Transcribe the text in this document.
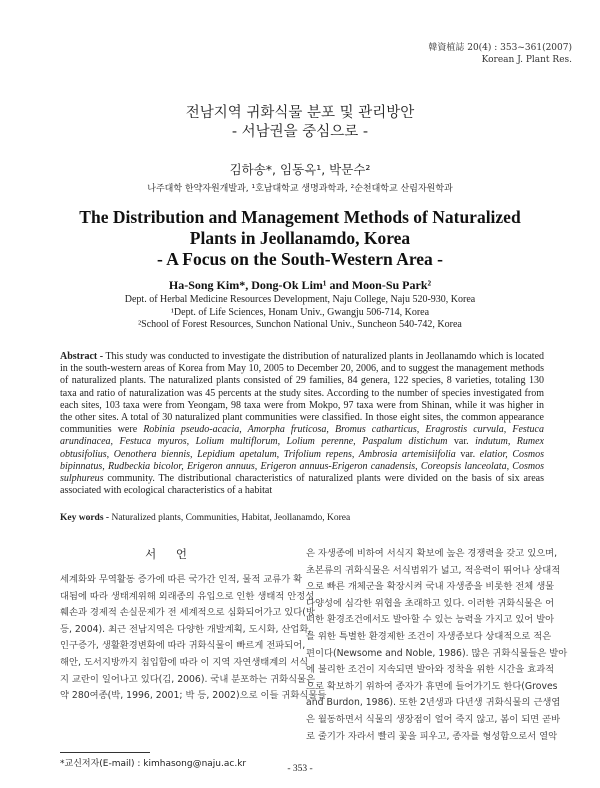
韓資植誌 20(4) : 353~361(2007)
Korean J. Plant Res.
전남지역 귀화식물 분포 및 관리방안
- 서남권을 중심으로 -
김하송*, 임동옥¹, 박문수²
나주대학 한약자원개발과, ¹호남대학교 생명과학과, ²순천대학교 산림자원학과
The Distribution and Management Methods of Naturalized
Plants in Jeollanamdo, Korea
- A Focus on the South-Western Area -
Ha-Song Kim*, Dong-Ok Lim¹ and Moon-Su Park²
Dept. of Herbal Medicine Resources Development, Naju College, Naju 520-930, Korea
¹Dept. of Life Sciences, Honam Univ., Gwangju 506-714, Korea
²School of Forest Resources, Sunchon National Univ., Suncheon 540-742, Korea
Abstract - This study was conducted to investigate the distribution of naturalized plants in Jeollanamdo which is located in the south-western areas of Korea from May 10, 2005 to December 20, 2006, and to suggest the management methods of naturalized plants. The naturalized plants consisted of 29 families, 84 genera, 122 species, 8 varieties, totaling 130 taxa and ratio of naturalization was 45 percents at the study sites. According to the number of species investigated from each sites, 103 taxa were from Yeongam, 98 taxa were from Mokpo, 97 taxa were from Shinan, while it was higher in the other sites. A total of 30 naturalized plant communities were classified. In those eight sites, the common appearance communities were Robinia pseudo-acacia, Amorpha fruticosa, Bromus catharticus, Eragrostis curvula, Festuca arundinacea, Festuca myuros, Lolium multiflorum, Lolium perenne, Paspalum distichum var. indutum, Rumex obtusifolius, Oenothera biennis, Lepidium apetalum, Trifolium repens, Ambrosia artemisiifolia var. elatior, Cosmos bipinnatus, Rudbeckia bicolor, Erigeron annuus, Erigeron annuus-Erigeron canadensis, Coreopsis lanceolata, Cosmos sulphureus community. The distributional characteristics of naturalized plants were divided on the basis of six areas associated with ecological characteristics of a habitat
Key words - Naturalized plants, Communities, Habitat, Jeollanamdo, Korea
서 언
세계화와 무역활동 증가에 따른 국가간 인적, 물적 교류가 확
대됨에 따라 생태계위해 외래종의 유입으로 인한 생태적 안정성
훼손과 경제적 손실문제가 전 세계적으로 심화되어가고 있다(방
등, 2004). 최근 전남지역은 다양한 개발계획, 도시화, 산업화,
인구증가, 생활환경변화에 따라 귀화식물이 빠르게 전파되어,
해안, 도서지방까지 침입함에 따라 이 지역 자연생태계의 서식
지 교란이 일어나고 있다(김, 2006). 국내 분포하는 귀화식물은
약 280여종(박, 1996, 2001; 박 등, 2002)으로 이들 귀화식물들
은 자생종에 비하여 서식지 확보에 높은 경쟁력을 갖고 있으며,
초본류의 귀화식물은 서식범위가 넓고, 적응력이 뛰어나 상대적
으로 빠른 개체군을 확장시켜 국내 자생종을 비롯한 전체 생물
다양성에 심각한 위협을 초래하고 있다. 이러한 귀화식물은 어
떠한 환경조건에서도 발아할 수 있는 능력을 가지고 있어 발아
를 위한 특별한 환경제한 조건이 자생종보다 상대적으로 적은
편이다(Newsome and Noble, 1986). 많은 귀화식물들은 발아
에 불리한 조건이 지속되면 발아와 정착을 위한 시간을 효과적
으로 확보하기 위하여 종자가 휴면에 들어가기도 한다(Groves
and Burdon, 1986). 또한 2년생과 다년생 귀화식물의 근생엽
은 월동하면서 식물의 생장점이 얼어 죽지 않고, 봄이 되면 곧바
로 줄기가 자라서 빨리 꽃을 피우고, 종자를 형성함으로서 열악
*교신저자(E-mail) : kimhasong@naju.ac.kr	- 353 -
